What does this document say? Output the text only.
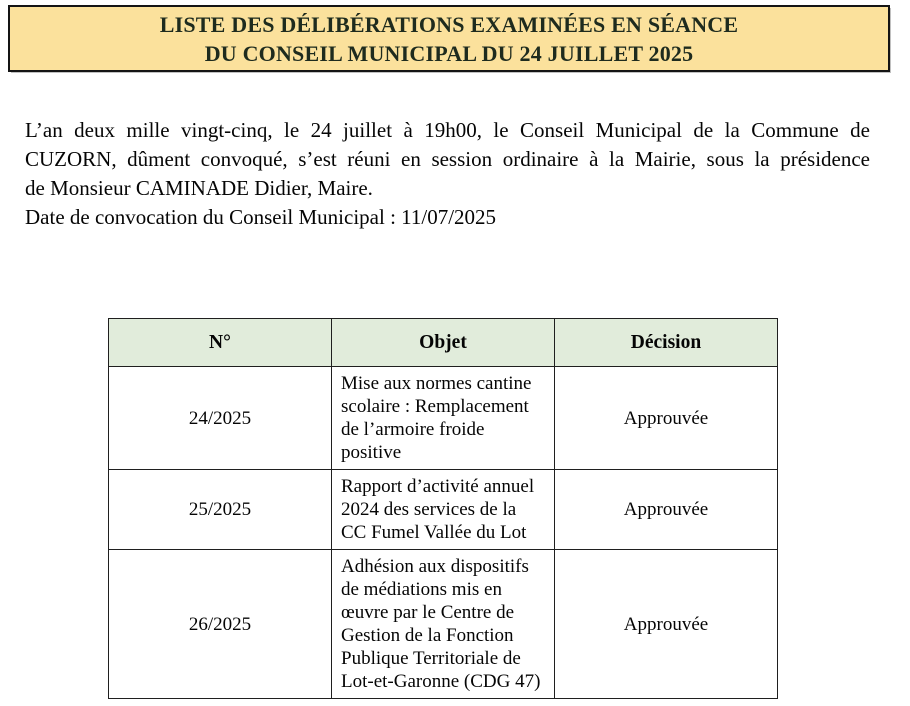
LISTE DES DÉLIBÉRATIONS EXAMINÉES EN SÉANCE
DU CONSEIL MUNICIPAL DU 24 JUILLET 2025
L’an deux mille vingt-cinq, le 24 juillet à 19h00, le Conseil Municipal de la Commune de
CUZORN, dûment convoqué, s’est réuni en session ordinaire à la Mairie, sous la présidence
de Monsieur CAMINADE Didier, Maire.
Date de convocation du Conseil Municipal : 11/07/2025
N°	Objet	Décision
24/2025	Mise aux normes cantine scolaire : Remplacement de l’armoire froide positive	Approuvée
25/2025	Rapport d’activité annuel 2024 des services de la CC Fumel Vallée du Lot	Approuvée
26/2025	Adhésion aux dispositifs de médiations mis en œuvre par le Centre de Gestion de la Fonction Publique Territoriale de Lot-et-Garonne (CDG 47)	Approuvée
